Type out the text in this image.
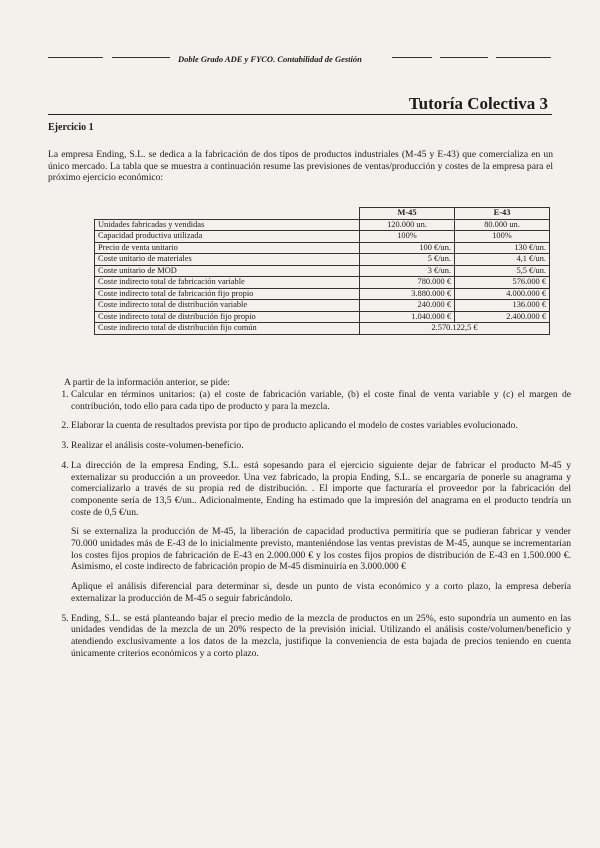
Doble Grado ADE y FYCO. Contabilidad de Gestión
Tutoría Colectiva 3
Ejercicio 1
La empresa Ending, S.L. se dedica a la fabricación de dos tipos de productos industriales (M-45 y E-43) que comercializa en un único mercado. La tabla que se muestra a continuación resume las previsiones de ventas/producción y costes de la empresa para el próximo ejercicio económico:
	M-45	E-43
Unidades fabricadas y vendidas	120.000 un.	80.000 un.
Capacidad productiva utilizada	100%	100%
Precio de venta unitario	100 €/un.	130 €/un.
Coste unitario de materiales	5 €/un.	4,1 €/un.
Coste unitario de MOD	3 €/un.	5,5 €/un.
Coste indirecto total de fabricación variable	780.000 €	576.000 €
Coste indirecto total de fabricación fijo propio	3.880.000 €	4.000.000 €
Coste indirecto total de distribución variable	240.000 €	136.000 €
Coste indirecto total de distribución fijo propio	1.040.000 €	2.400.000 €
Coste indirecto total de distribución fijo común	2.570.122,5 €	
A partir de la información anterior, se pide:
1. Calcular en términos unitarios: (a) el coste de fabricación variable, (b) el coste final de venta variable y (c) el margen de contribución, todo ello para cada tipo de producto y para la mezcla.
2. Elaborar la cuenta de resultados prevista por tipo de producto aplicando el modelo de costes variables evolucionado.
3. Realizar el análisis coste-volumen-beneficio.
4. La dirección de la empresa Ending, S.L. está sopesando para el ejercicio siguiente dejar de fabricar el producto M-45 y externalizar su producción a un proveedor. Una vez fabricado, la propia Ending, S.L. se encargaría de ponerle su anagrama y comercializarlo a través de su propia red de distribución. . El importe que facturaría el proveedor por la fabricación del componente sería de 13,5 €/un.. Adicionalmente, Ending ha estimado que la impresión del anagrama en el producto tendría un coste de 0,5 €/un.
Si se externaliza la producción de M-45, la liberación de capacidad productiva permitiría que se pudieran fabricar y vender 70.000 unidades más de E-43 de lo inicialmente previsto, manteniéndose las ventas previstas de M-45, aunque se incrementarían los costes fijos propios de fabricación de E-43 en 2.000.000 € y los costes fijos propios de distribución de E-43 en 1.500.000 €. Asimismo, el coste indirecto de fabricación propio de M-45 disminuiría en 3.000.000 €
Aplique el análisis diferencial para determinar si, desde un punto de vista económico y a corto plazo, la empresa debería externalizar la producción de M-45 o seguir fabricándolo.
5. Ending, S.L. se está planteando bajar el precio medio de la mezcla de productos en un 25%, esto supondría un aumento en las unidades vendidas de la mezcla de un 20% respecto de la previsión inicial. Utilizando el análisis coste/volumen/beneficio y atendiendo exclusivamente a los datos de la mezcla, justifique la conveniencia de esta bajada de precios teniendo en cuenta únicamente criterios económicos y a corto plazo.
